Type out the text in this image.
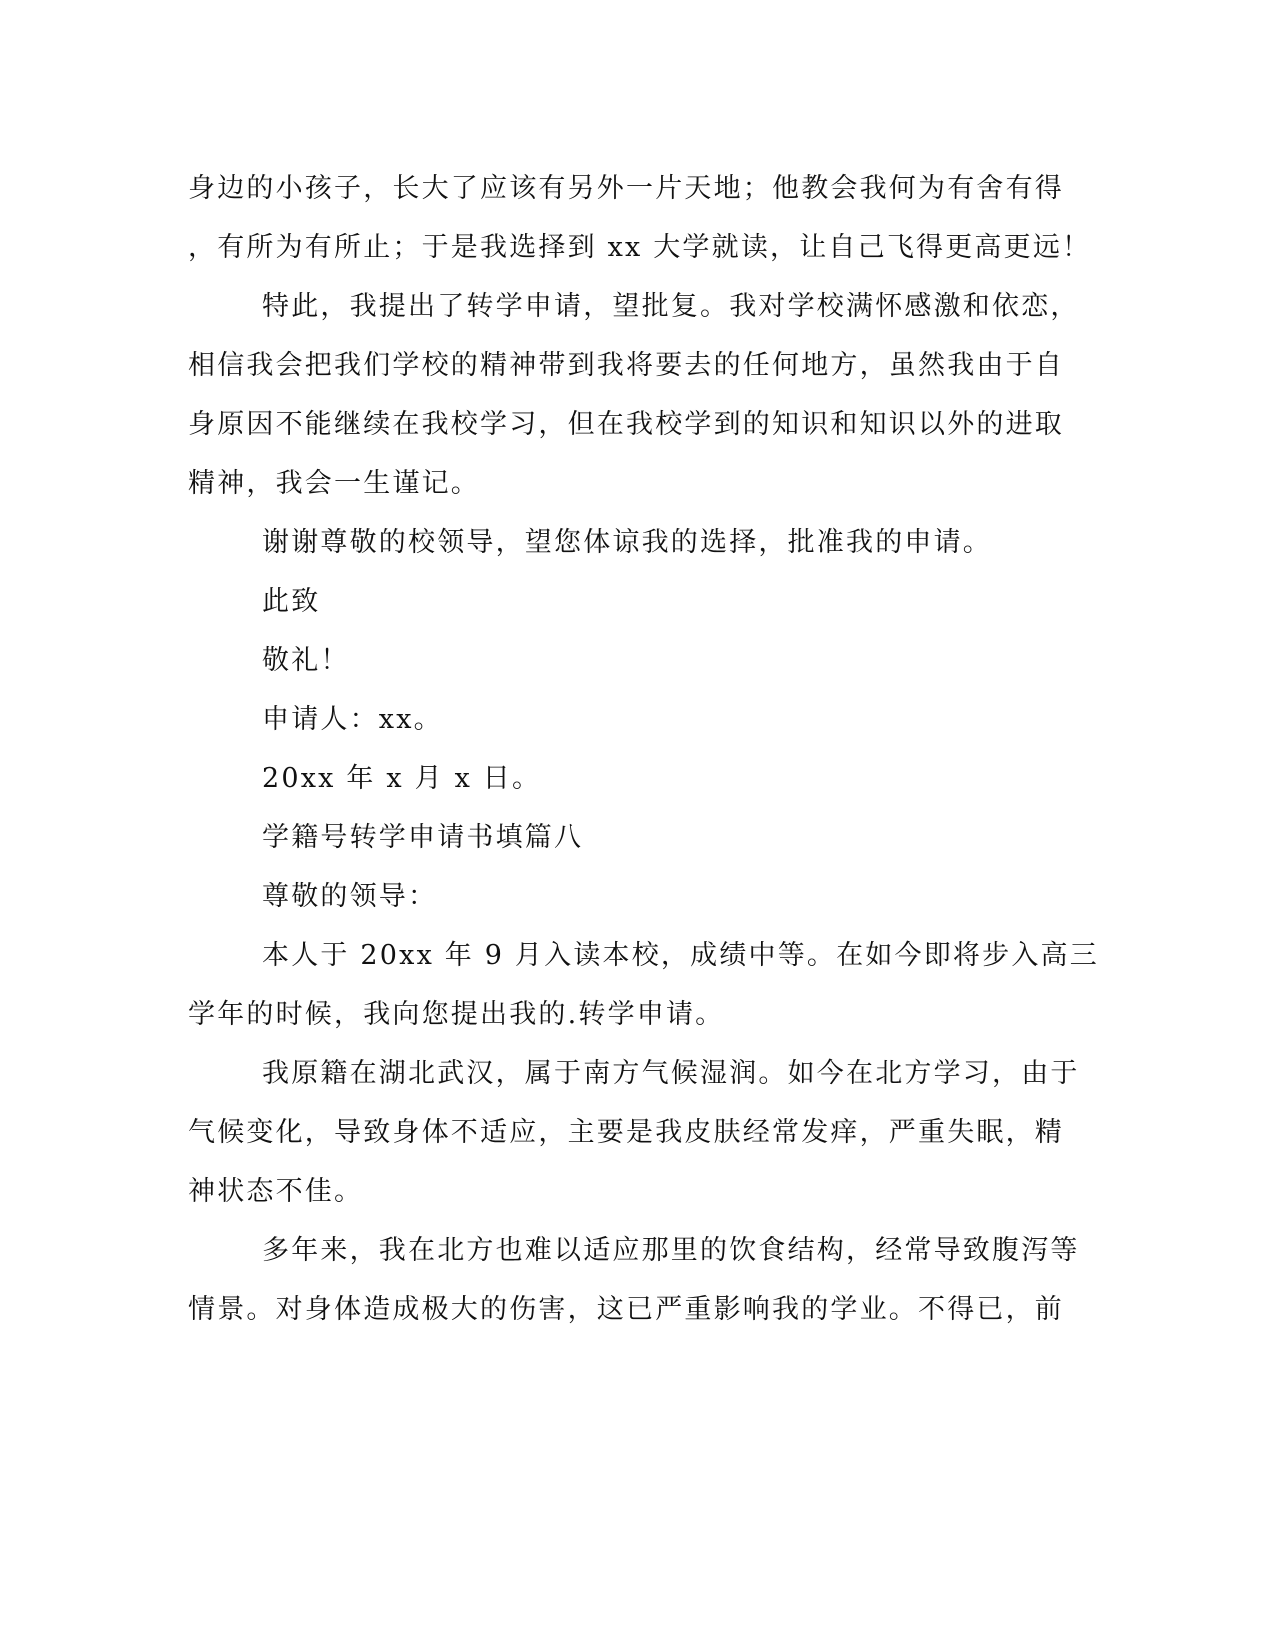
身边的小孩子，长大了应该有另外一片天地；他教会我何为有舍有得
，有所为有所止；于是我选择到 xx 大学就读，让自己飞得更高更远！
特此，我提出了转学申请，望批复。我对学校满怀感激和依恋，
相信我会把我们学校的精神带到我将要去的任何地方，虽然我由于自
身原因不能继续在我校学习，但在我校学到的知识和知识以外的进取
精神，我会一生谨记。
谢谢尊敬的校领导，望您体谅我的选择，批准我的申请。
此致
敬礼！
申请人：xx。
20xx 年 x 月 x 日。
学籍号转学申请书填篇八
尊敬的领导：
本人于 20xx 年 9 月入读本校，成绩中等。在如今即将步入高三
学年的时候，我向您提出我的.转学申请。
我原籍在湖北武汉，属于南方气候湿润。如今在北方学习，由于
气候变化，导致身体不适应，主要是我皮肤经常发痒，严重失眠，精
神状态不佳。
多年来，我在北方也难以适应那里的饮食结构，经常导致腹泻等
情景。对身体造成极大的伤害，这已严重影响我的学业。不得已，前
